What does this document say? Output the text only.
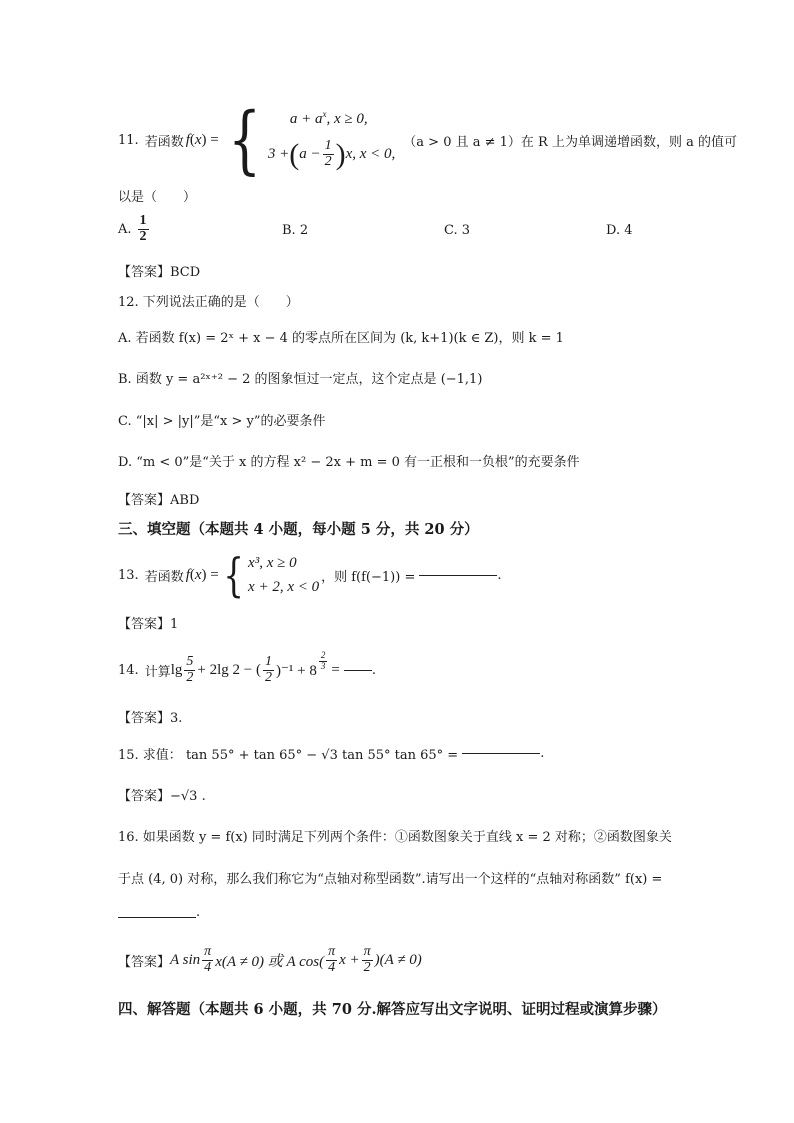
11. 若函数 f ( x ) = {	$a + a^x$, x ≥ 0,
3 + ( $a - \frac{1}{2}$ ) x, x < 0,
（a > 0 且 a ≠ 1）在 R 上为单调递增函数，则 a 的值可
以是（　　）
A. $\frac{1}{2}$	B. 2	C. 3	D. 4
【答案】BCD
12. 下列说法正确的是（　　）
A. 若函数 f(x) = 2ˣ + x − 4 的零点所在区间为 (k, k+1)(k ∈ Z)，则 k = 1
B. 函数 y = a²ˣ⁺² − 2 的图象恒过一定点，这个定点是 (−1,1)
C. “|x| > |y|”是“x > y”的必要条件
D. “m < 0”是“关于 x 的方程 x² − 2x + m = 0 有一正根和一负根”的充要条件
【答案】ABD
三、填空题（本题共 4 小题，每小题 5 分，共 20 分）
13. 若函数 f ( x ) = { x³, x ≥ 0
x + 2, x < 0
，则 f(f(−1)) =	.
【答案】1
14. 计算 $\lg \frac{5}{2} + 2\lg$ 2 − ( $\frac{1}{2} )^{-1} + 8 \frac{2}{3}$ = .
【答案】3.
15. 求值： tan 55° + tan 65° − √3 tan 55° tan 65° =	.
【答案】−√3 .
16. 如果函数 y = f(x) 同时满足下列两个条件：①函数图象关于直线 x = 2 对称；②函数图象关
于点 (4, 0) 对称，那么我们称它为“点轴对称型函数”.请写出一个这样的“点轴对称函数” f(x) =
.
【答案】 A $\sin \frac{\pi}{4} x(A \ne 0)$ 或 A $\cos( \frac{\pi}{4}$ $x + \frac{\pi}{2} )(A \ne 0)$
四、解答题（本题共 6 小题，共 70 分.解答应写出文字说明、证明过程或演算步骤）
